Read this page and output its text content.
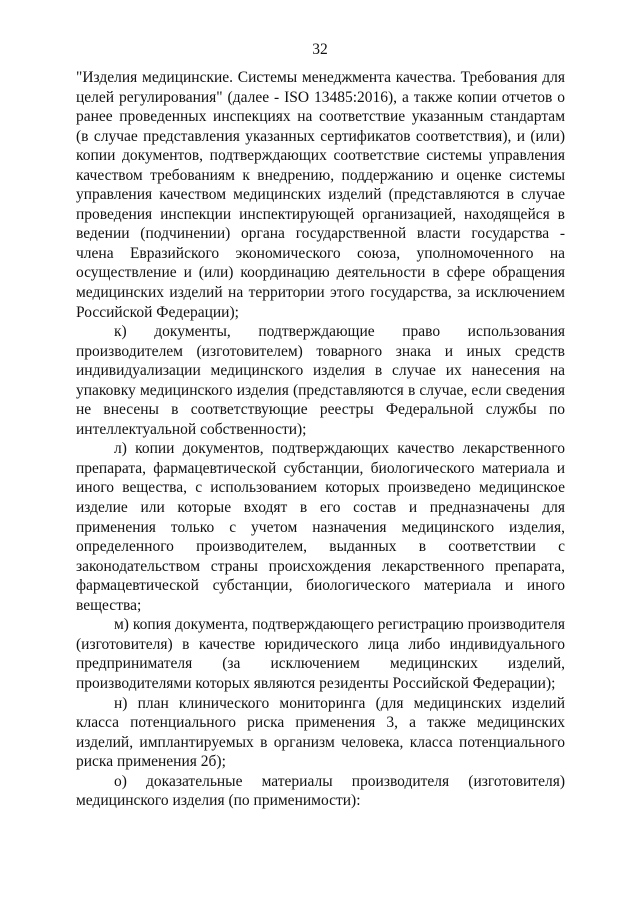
32

"Изделия медицинские. Системы менеджмента качества. Требования для целей регулирования" (далее - ISO 13485:2016), а также копии отчетов о ранее проведенных инспекциях на соответствие указанным стандартам (в случае представления указанных сертификатов соответствия), и (или) копии документов, подтверждающих соответствие системы управления качеством требованиям к внедрению, поддержанию и оценке системы управления качеством медицинских изделий (представляются в случае проведения инспекции инспектирующей организацией, находящейся в ведении (подчинении) органа государственной власти государства - члена Евразийского экономического союза, уполномоченного на осуществление и (или) координацию деятельности в сфере обращения медицинских изделий на территории этого государства, за исключением Российской Федерации);

к) документы, подтверждающие право использования производителем (изготовителем) товарного знака и иных средств индивидуализации медицинского изделия в случае их нанесения на упаковку медицинского изделия (представляются в случае, если сведения не внесены в соответствующие реестры Федеральной службы по интеллектуальной собственности);

л) копии документов, подтверждающих качество лекарственного препарата, фармацевтической субстанции, биологического материала и иного вещества, с использованием которых произведено медицинское изделие или которые входят в его состав и предназначены для применения только с учетом назначения медицинского изделия, определенного производителем, выданных в соответствии с законодательством страны происхождения лекарственного препарата, фармацевтической субстанции, биологического материала и иного вещества;

м) копия документа, подтверждающего регистрацию производителя (изготовителя) в качестве юридического лица либо индивидуального предпринимателя (за исключением медицинских изделий, производителями которых являются резиденты Российской Федерации);

н) план клинического мониторинга (для медицинских изделий класса потенциального риска применения 3, а также медицинских изделий, имплантируемых в организм человека, класса потенциального риска применения 2б);

о) доказательные материалы производителя (изготовителя) медицинского изделия (по применимости):
